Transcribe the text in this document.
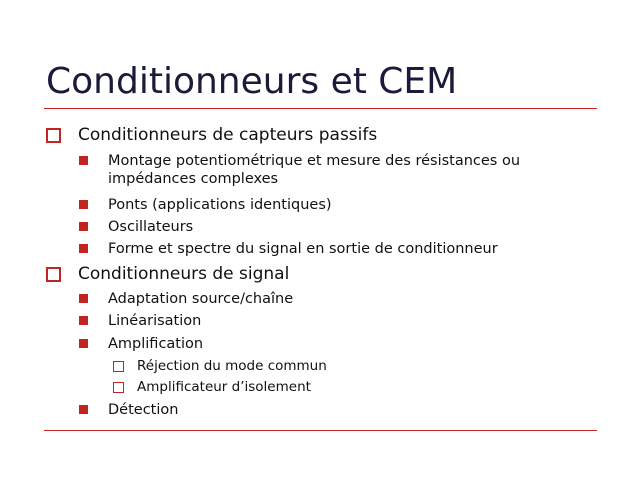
Conditionneurs et CEM
Conditionneurs de capteurs passifs
Montage potentiométrique et mesure des résistances ou
impédances complexes
Ponts (applications identiques)
Oscillateurs
Forme et spectre du signal en sortie de conditionneur
Conditionneurs de signal
Adaptation source/chaîne
Linéarisation
Amplification
Réjection du mode commun
Amplificateur d’isolement
Détection
